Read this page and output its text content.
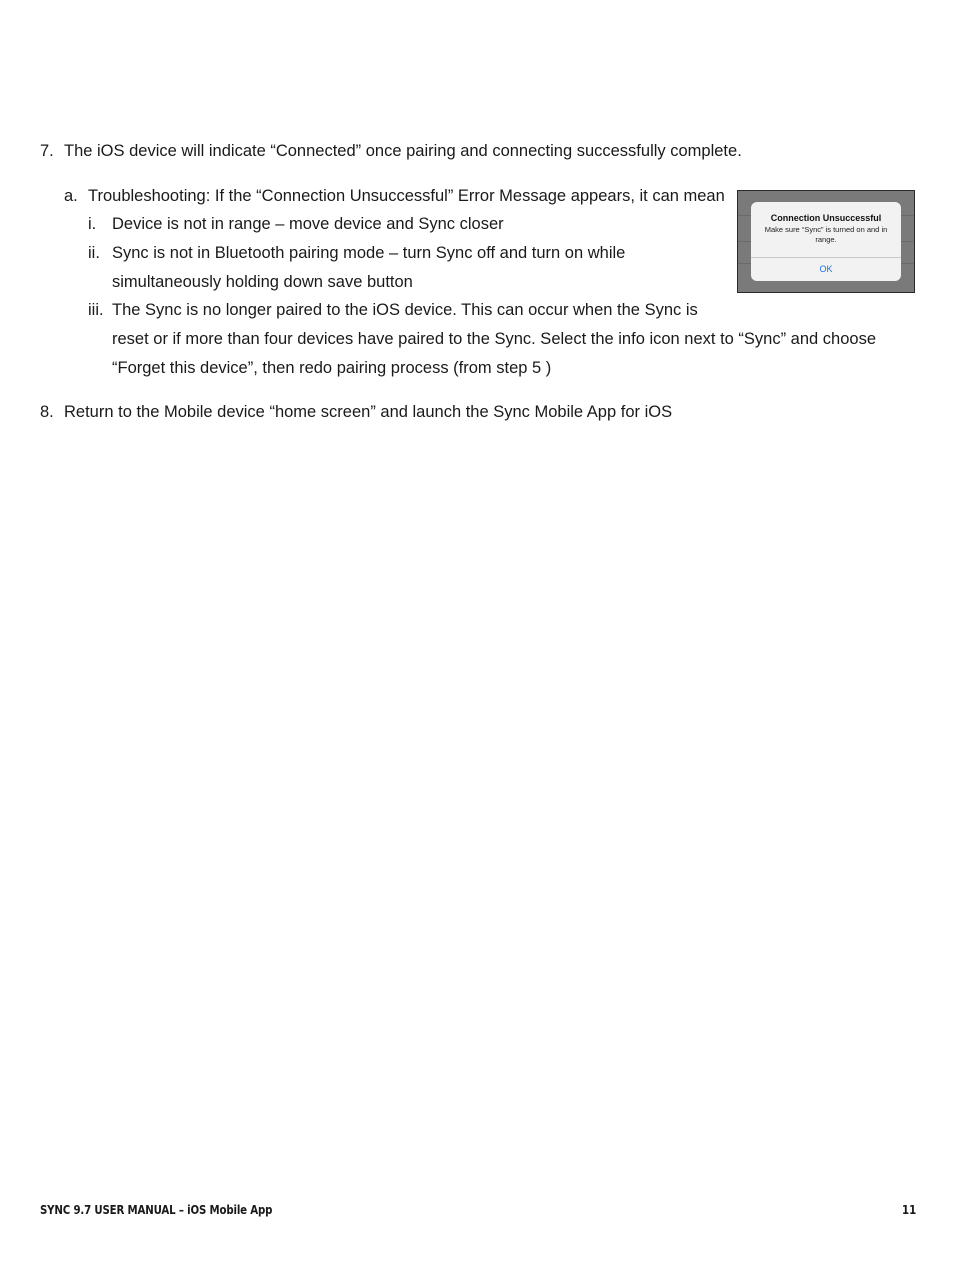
7. The iOS device will indicate “Connected” once pairing and connecting successfully complete.
a. Troubleshooting: If the “Connection Unsuccessful” Error Message appears, it can mean
i. Device is not in range – move device and Sync closer
ii. Sync is not in Bluetooth pairing mode – turn Sync off and turn on while
simultaneously holding down save button
iii. The Sync is no longer paired to the iOS device. This can occur when the Sync is
reset or if more than four devices have paired to the Sync. Select the info icon next to “Sync” and choose
“Forget this device”, then redo pairing process (from step 5 )
8. Return to the Mobile device “home screen” and launch the Sync Mobile App for iOS
Connection Unsuccessful
Make sure “Sync” is turned on and in range.
OK
SYNC 9.7 USER MANUAL – iOS Mobile App	11
